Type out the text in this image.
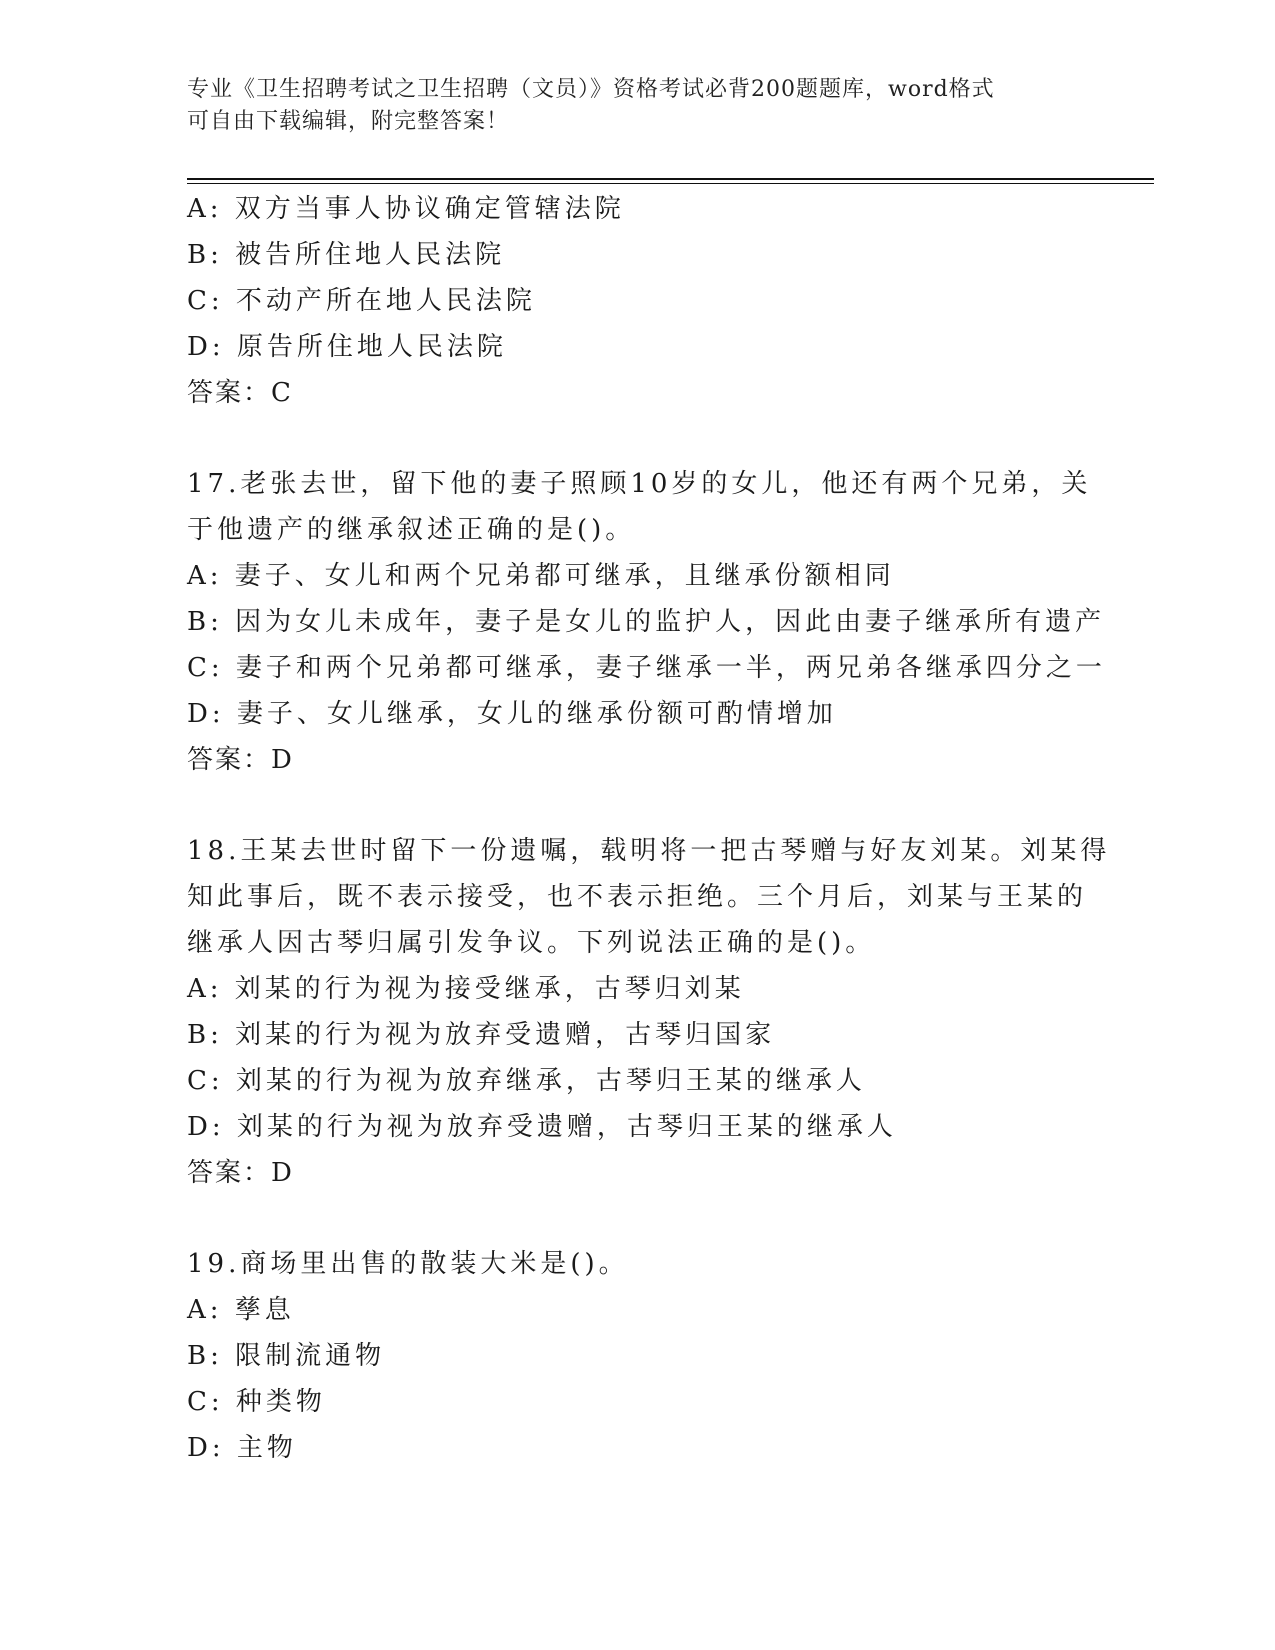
专业《卫生招聘考试之卫生招聘（文员）》资格考试必背200题题库，word格式
可自由下载编辑，附完整答案！
A: 双方当事人协议确定管辖法院
B: 被告所住地人民法院
C: 不动产所在地人民法院
D: 原告所住地人民法院
答案：C
17.老张去世，留下他的妻子照顾10岁的女儿，他还有两个兄弟，关
于他遗产的继承叙述正确的是()。
A: 妻子、女儿和两个兄弟都可继承，且继承份额相同
B: 因为女儿未成年，妻子是女儿的监护人，因此由妻子继承所有遗产
C: 妻子和两个兄弟都可继承，妻子继承一半，两兄弟各继承四分之一
D: 妻子、女儿继承，女儿的继承份额可酌情增加
答案：D
18.王某去世时留下一份遗嘱，载明将一把古琴赠与好友刘某。刘某得
知此事后，既不表示接受，也不表示拒绝。三个月后，刘某与王某的
继承人因古琴归属引发争议。下列说法正确的是()。
A: 刘某的行为视为接受继承，古琴归刘某
B: 刘某的行为视为放弃受遗赠，古琴归国家
C: 刘某的行为视为放弃继承，古琴归王某的继承人
D: 刘某的行为视为放弃受遗赠，古琴归王某的继承人
答案：D
19.商场里出售的散装大米是()。
A: 孳息
B: 限制流通物
C: 种类物
D: 主物
